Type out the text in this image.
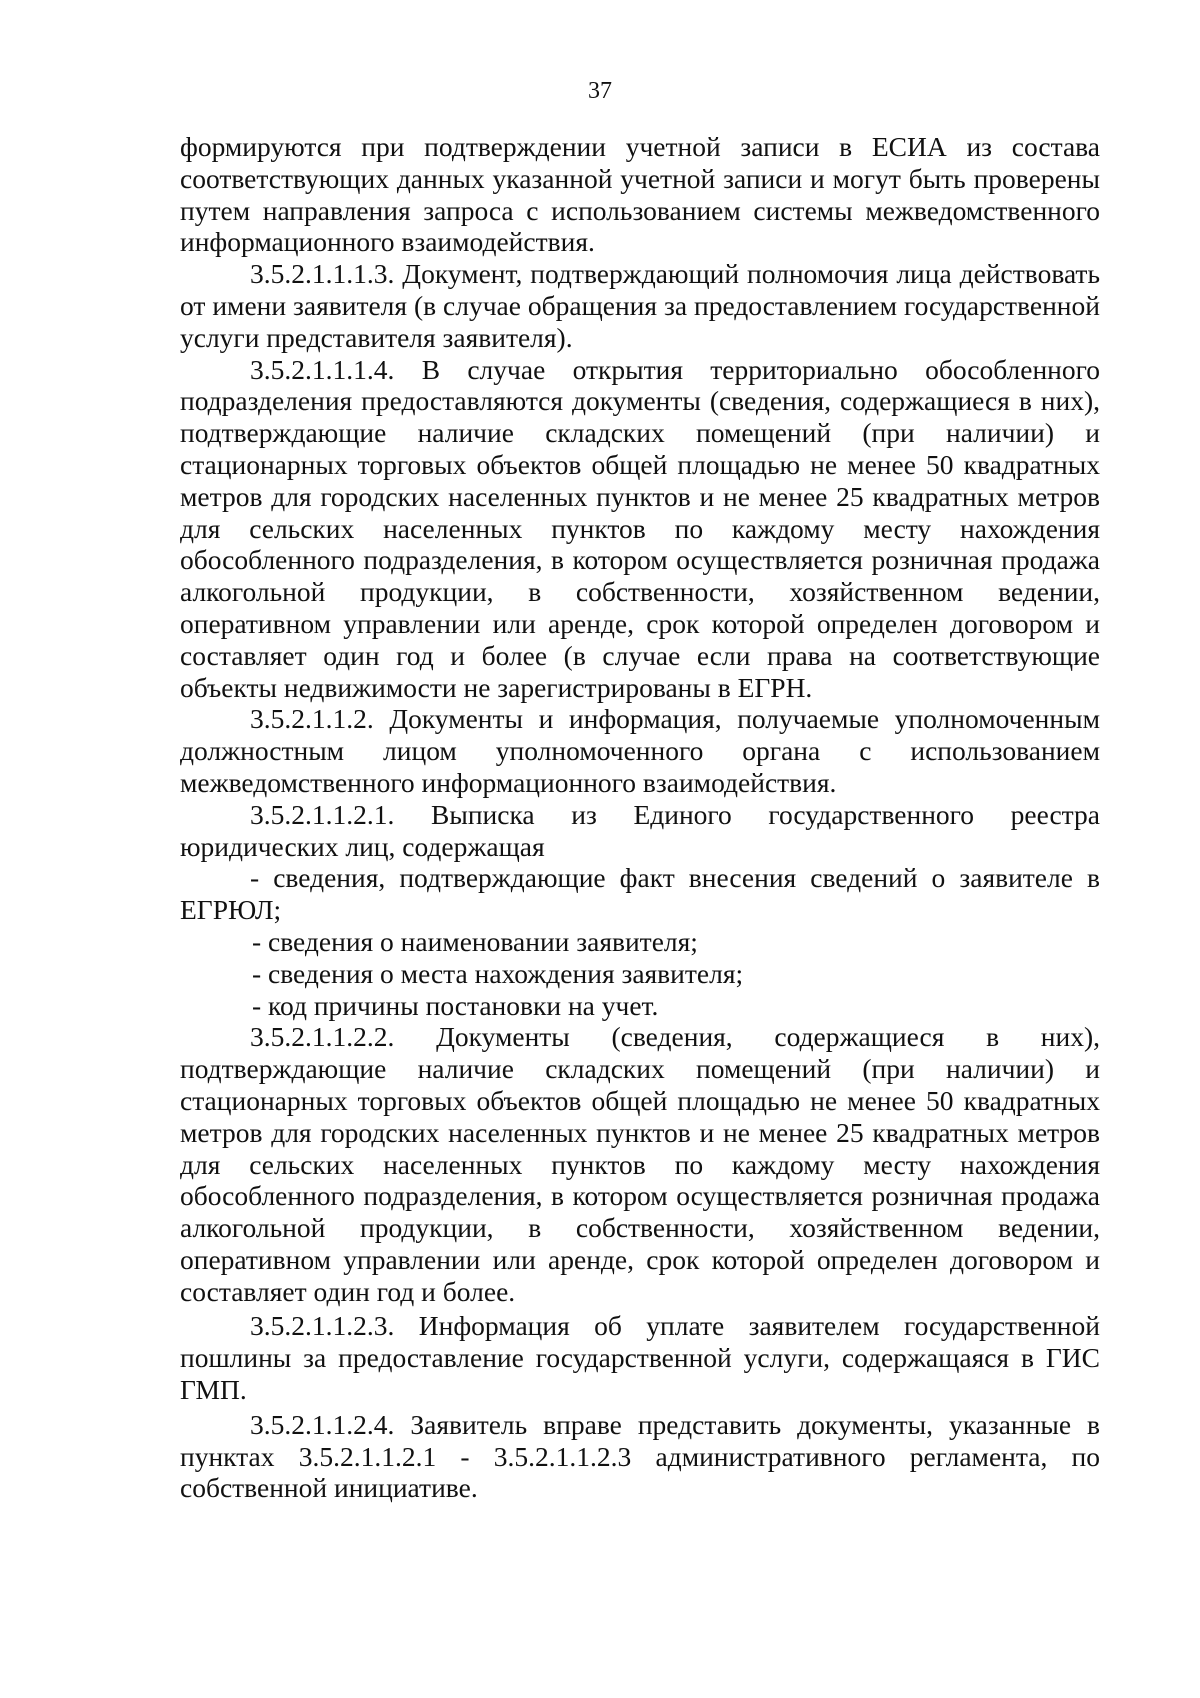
37

формируются при подтверждении учетной записи в ЕСИА из состава соответствующих данных указанной учетной записи и могут быть проверены путем направления запроса с использованием системы межведомственного информационного взаимодействия.

3.5.2.1.1.1.3. Документ, подтверждающий полномочия лица действовать от имени заявителя (в случае обращения за предоставлением государственной услуги представителя заявителя).

3.5.2.1.1.1.4. В случае открытия территориально обособленного подразделения предоставляются документы (сведения, содержащиеся в них), подтверждающие наличие складских помещений (при наличии) и стационарных торговых объектов общей площадью не менее 50 квадратных метров для городских населенных пунктов и не менее 25 квадратных метров для сельских населенных пунктов по каждому месту нахождения обособленного подразделения, в котором осуществляется розничная продажа алкогольной продукции, в собственности, хозяйственном ведении, оперативном управлении или аренде, срок которой определен договором и составляет один год и более (в случае если права на соответствующие объекты недвижимости не зарегистрированы в ЕГРН.

3.5.2.1.1.2. Документы и информация, получаемые уполномоченным должностным лицом уполномоченного органа с использованием межведомственного информационного взаимодействия.

3.5.2.1.1.2.1. Выписка из Единого государственного реестра юридических лиц, содержащая

- сведения, подтверждающие факт внесения сведений о заявителе в ЕГРЮЛ;

- сведения о наименовании заявителя;

- сведения о места нахождения заявителя;

- код причины постановки на учет.

3.5.2.1.1.2.2. Документы (сведения, содержащиеся в них), подтверждающие наличие складских помещений (при наличии) и стационарных торговых объектов общей площадью не менее 50 квадратных метров для городских населенных пунктов и не менее 25 квадратных метров для сельских населенных пунктов по каждому месту нахождения обособленного подразделения, в котором осуществляется розничная продажа алкогольной продукции, в собственности, хозяйственном ведении, оперативном управлении или аренде, срок которой определен договором и составляет один год и более.

3.5.2.1.1.2.3. Информация об уплате заявителем государственной пошлины за предоставление государственной услуги, содержащаяся в ГИС ГМП.

3.5.2.1.1.2.4. Заявитель вправе представить документы, указанные в пунктах 3.5.2.1.1.2.1 - 3.5.2.1.1.2.3 административного регламента, по собственной инициативе.
